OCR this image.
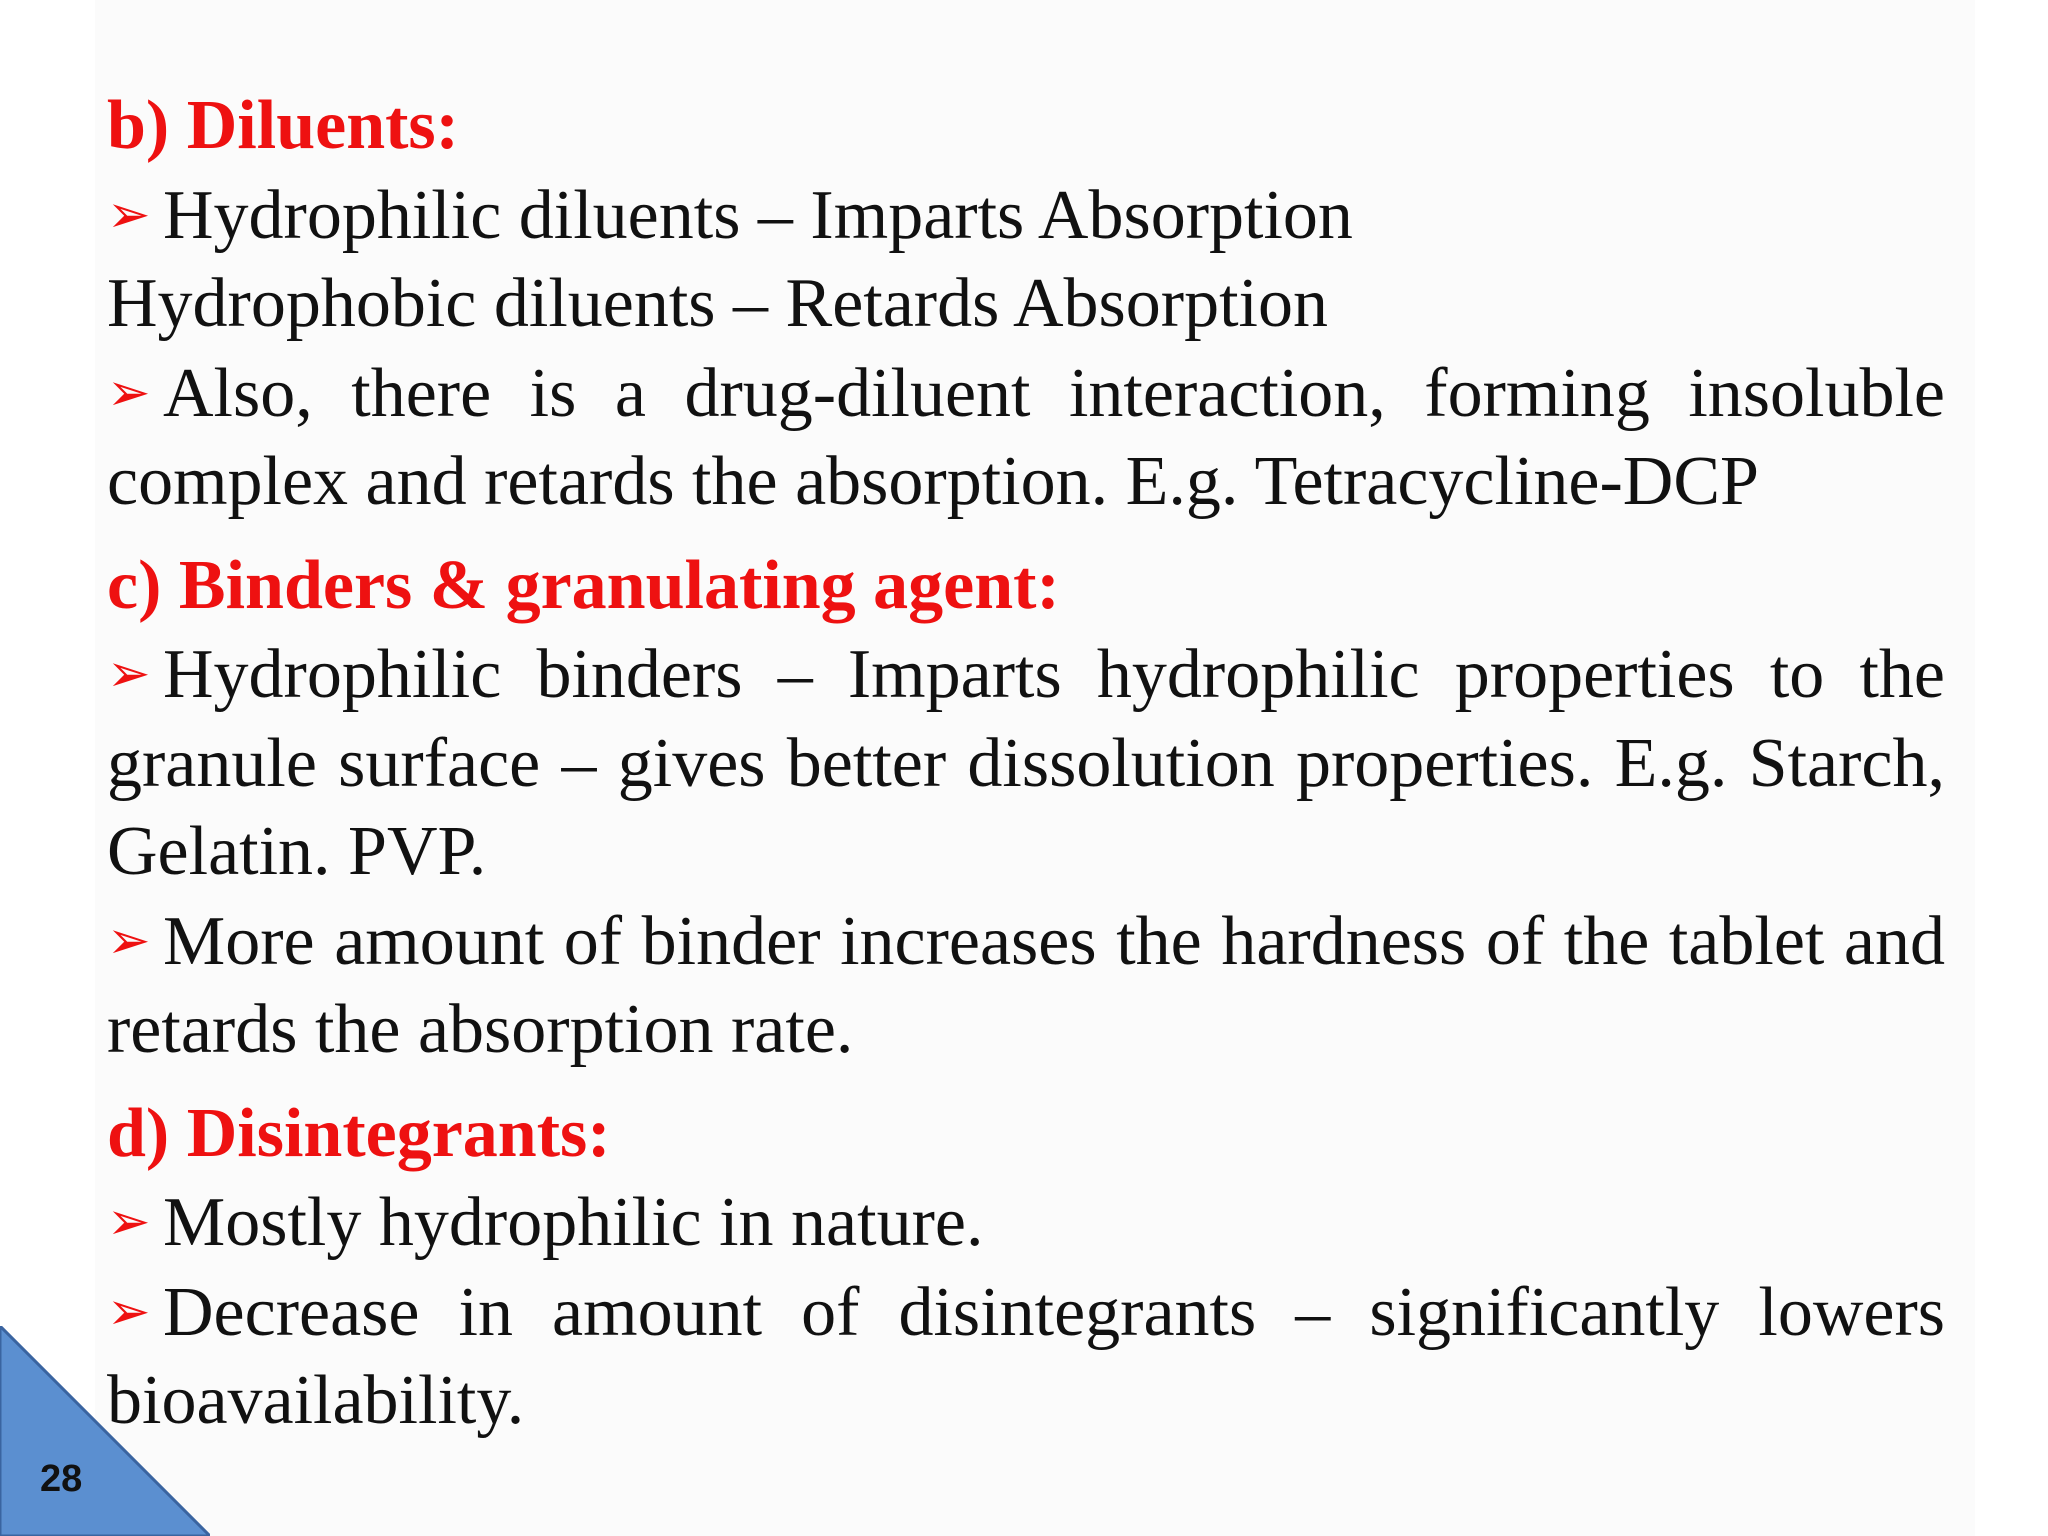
b) Diluents:

➢ Hydrophilic diluents – Imparts Absorption

Hydrophobic diluents – Retards Absorption

➢ Also, there is a drug-diluent interaction, forming insoluble complex and retards the absorption. E.g. Tetracycline-DCP

c) Binders & granulating agent:

➢ Hydrophilic binders – Imparts hydrophilic properties to the granule surface – gives better dissolution properties. E.g. Starch, Gelatin. PVP.

➢ More amount of binder increases the hardness of the tablet and retards the absorption rate.

d) Disintegrants:

➢ Mostly hydrophilic in nature.

➢ Decrease in amount of disintegrants – significantly lowers bioavailability.

28
